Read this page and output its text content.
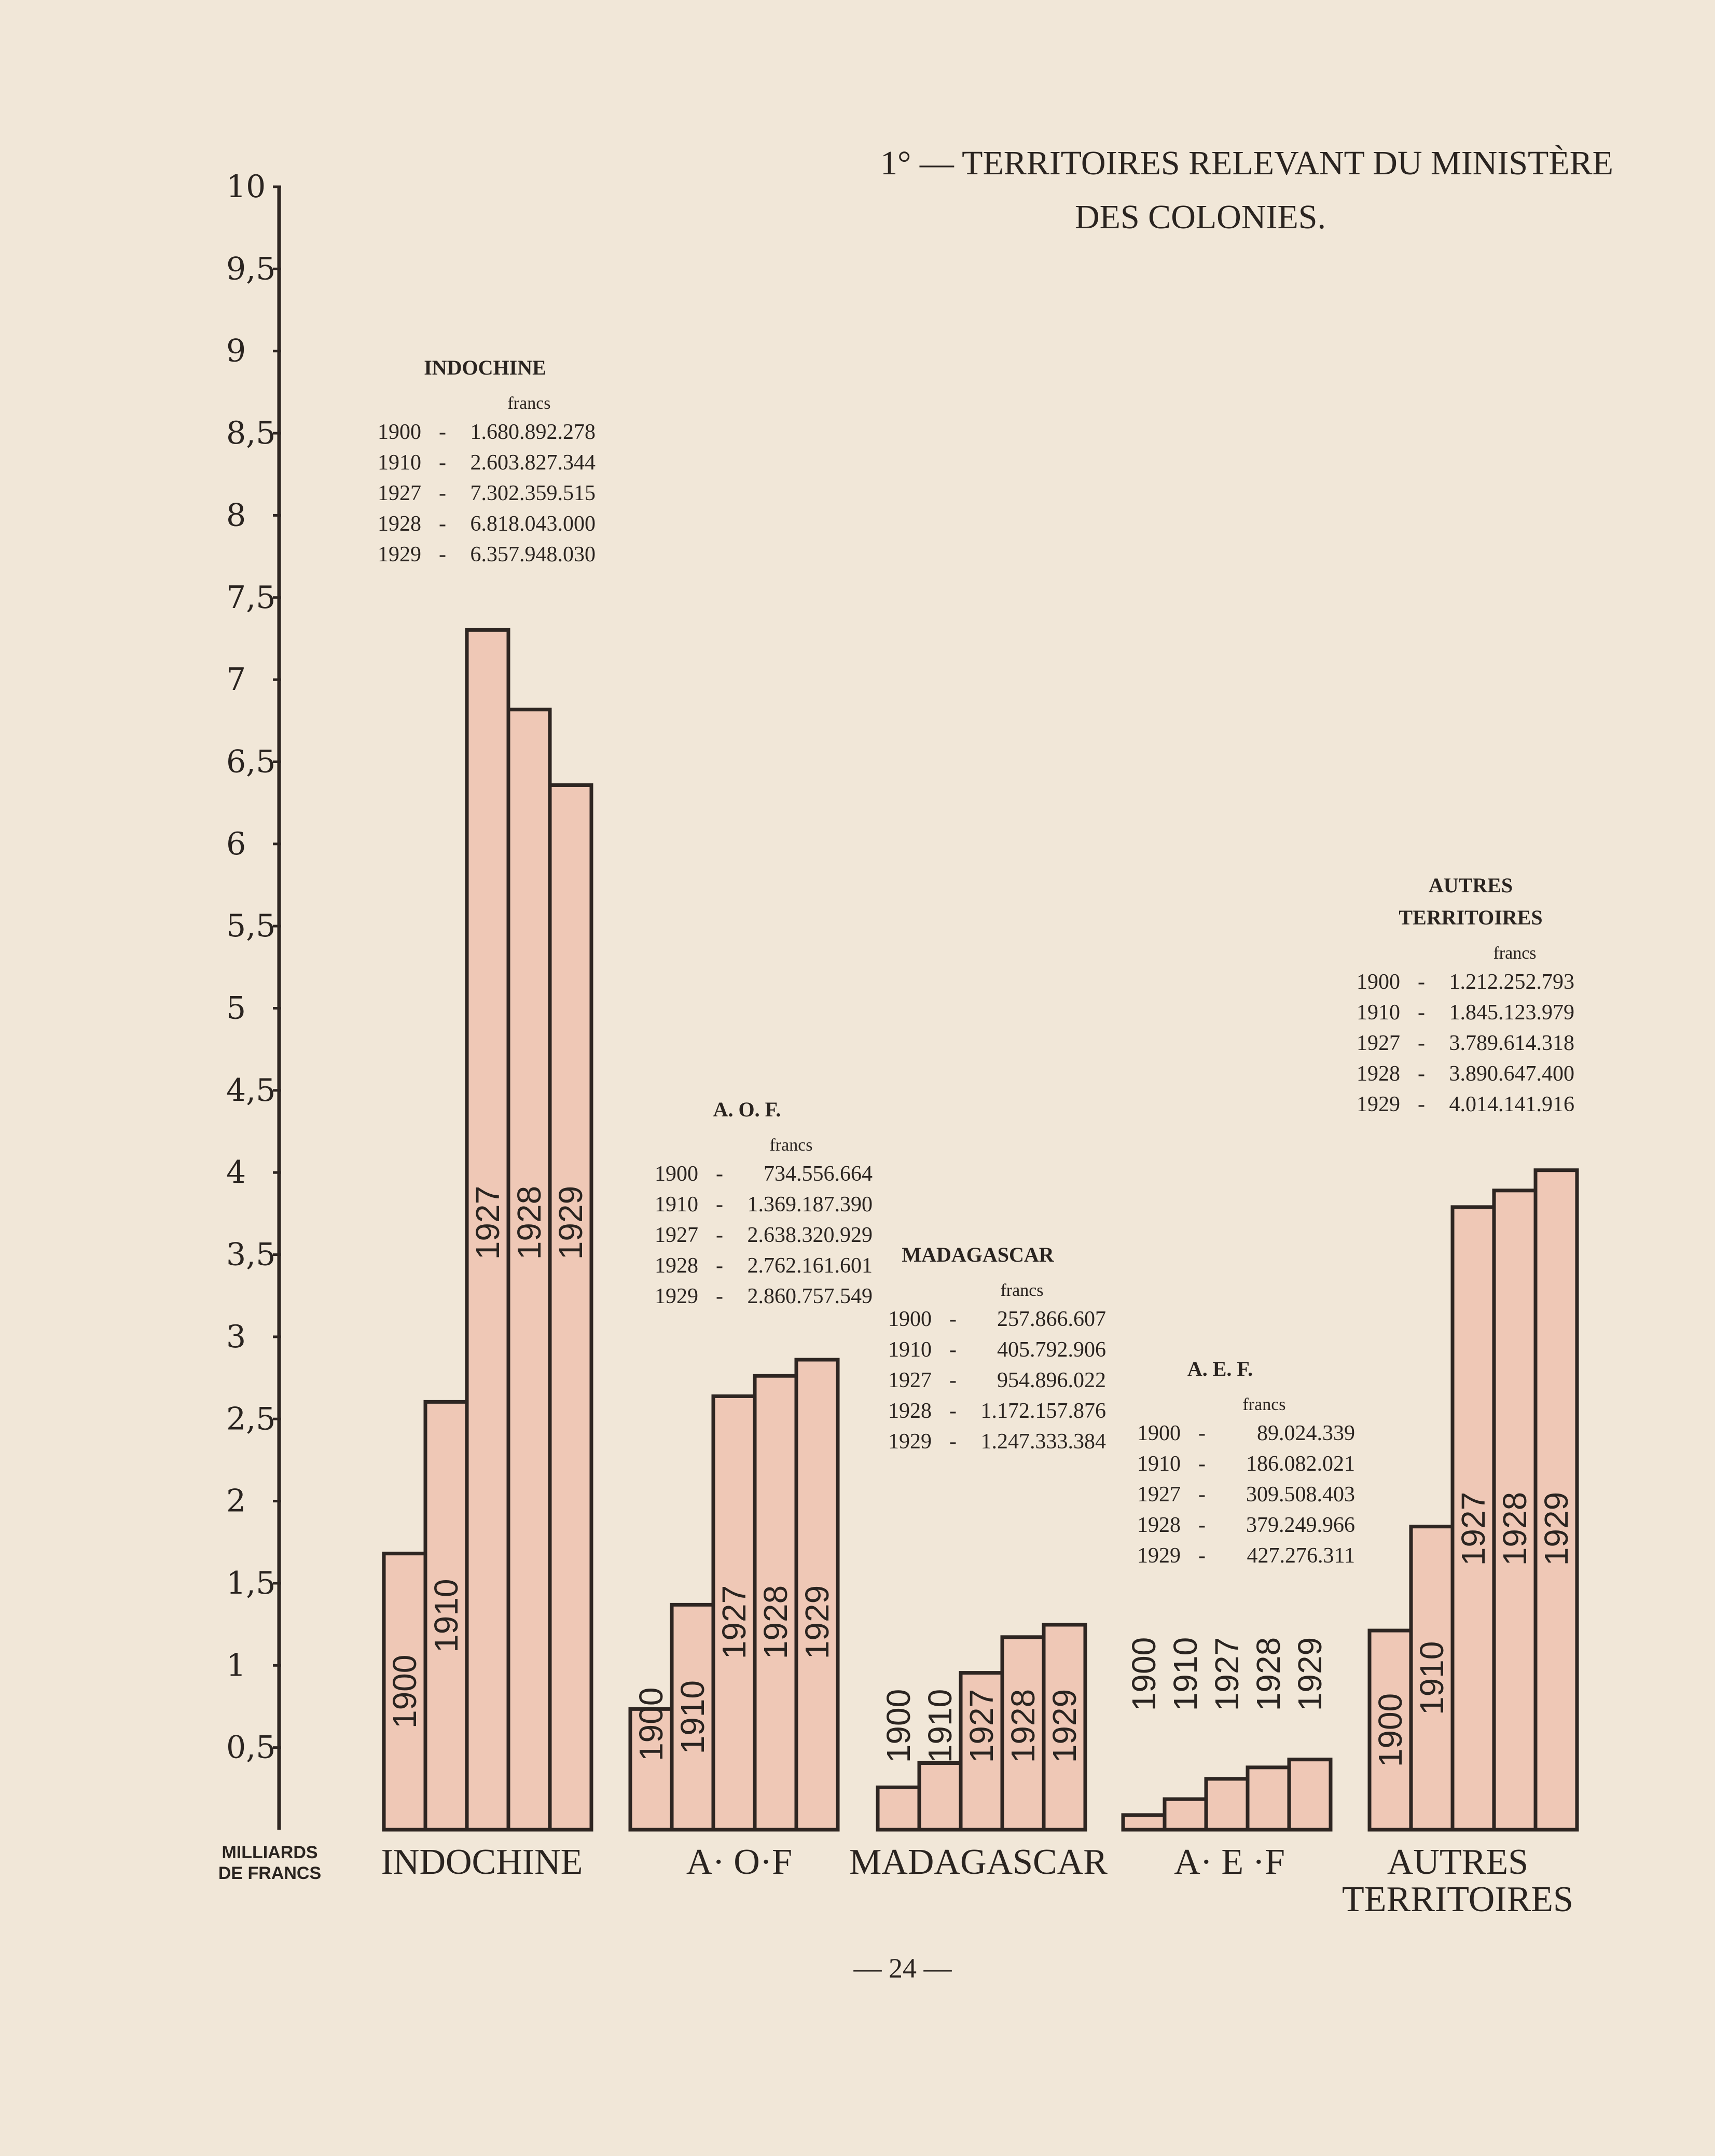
1° — TERRITOIRES RELEVANT DU MINISTÈRE
DES COLONIES.
0,5
1
1,5
2
2,5
3
3,5
4
4,5
5
5,5
6
6,5
7
7,5
8
8,5
9
9,5
10
MILLIARDS
DE FRANCS
1900
1910
1927 1928 1929
1900 1910
1927 1928 1929
1900 1910 1927 1928 1929
1900 1910 1927 1928 1929
1900
1910
1927 1928 1929
INDOCHINE
francs
1900 - 1.680.892.278
1910 - 2.603.827.344
1927 - 7.302.359.515
1928 - 6.818.043.000
1929 - 6.357.948.030
A. O. F.
francs
1900 - 734.556.664
1910 - 1.369.187.390
1927 - 2.638.320.929
1928 - 2.762.161.601
1929 - 2.860.757.549
MADAGASCAR
francs
1900 - 257.866.607
1910 - 405.792.906
1927 - 954.896.022
1928 - 1.172.157.876
1929 - 1.247.333.384
A. E. F.
francs
1900 - 89.024.339
1910 - 186.082.021
1927 - 309.508.403
1928 - 379.249.966
1929 - 427.276.311
AUTRES
TERRITOIRES
francs
1900 - 1.212.252.793
1910 - 1.845.123.979
1927 - 3.789.614.318
1928 - 3.890.647.400
1929 - 4.014.141.916
INDOCHINE	A· O·F MADAGASCAR A· E ·F	AUTRES
TERRITOIRES
— 24 —
